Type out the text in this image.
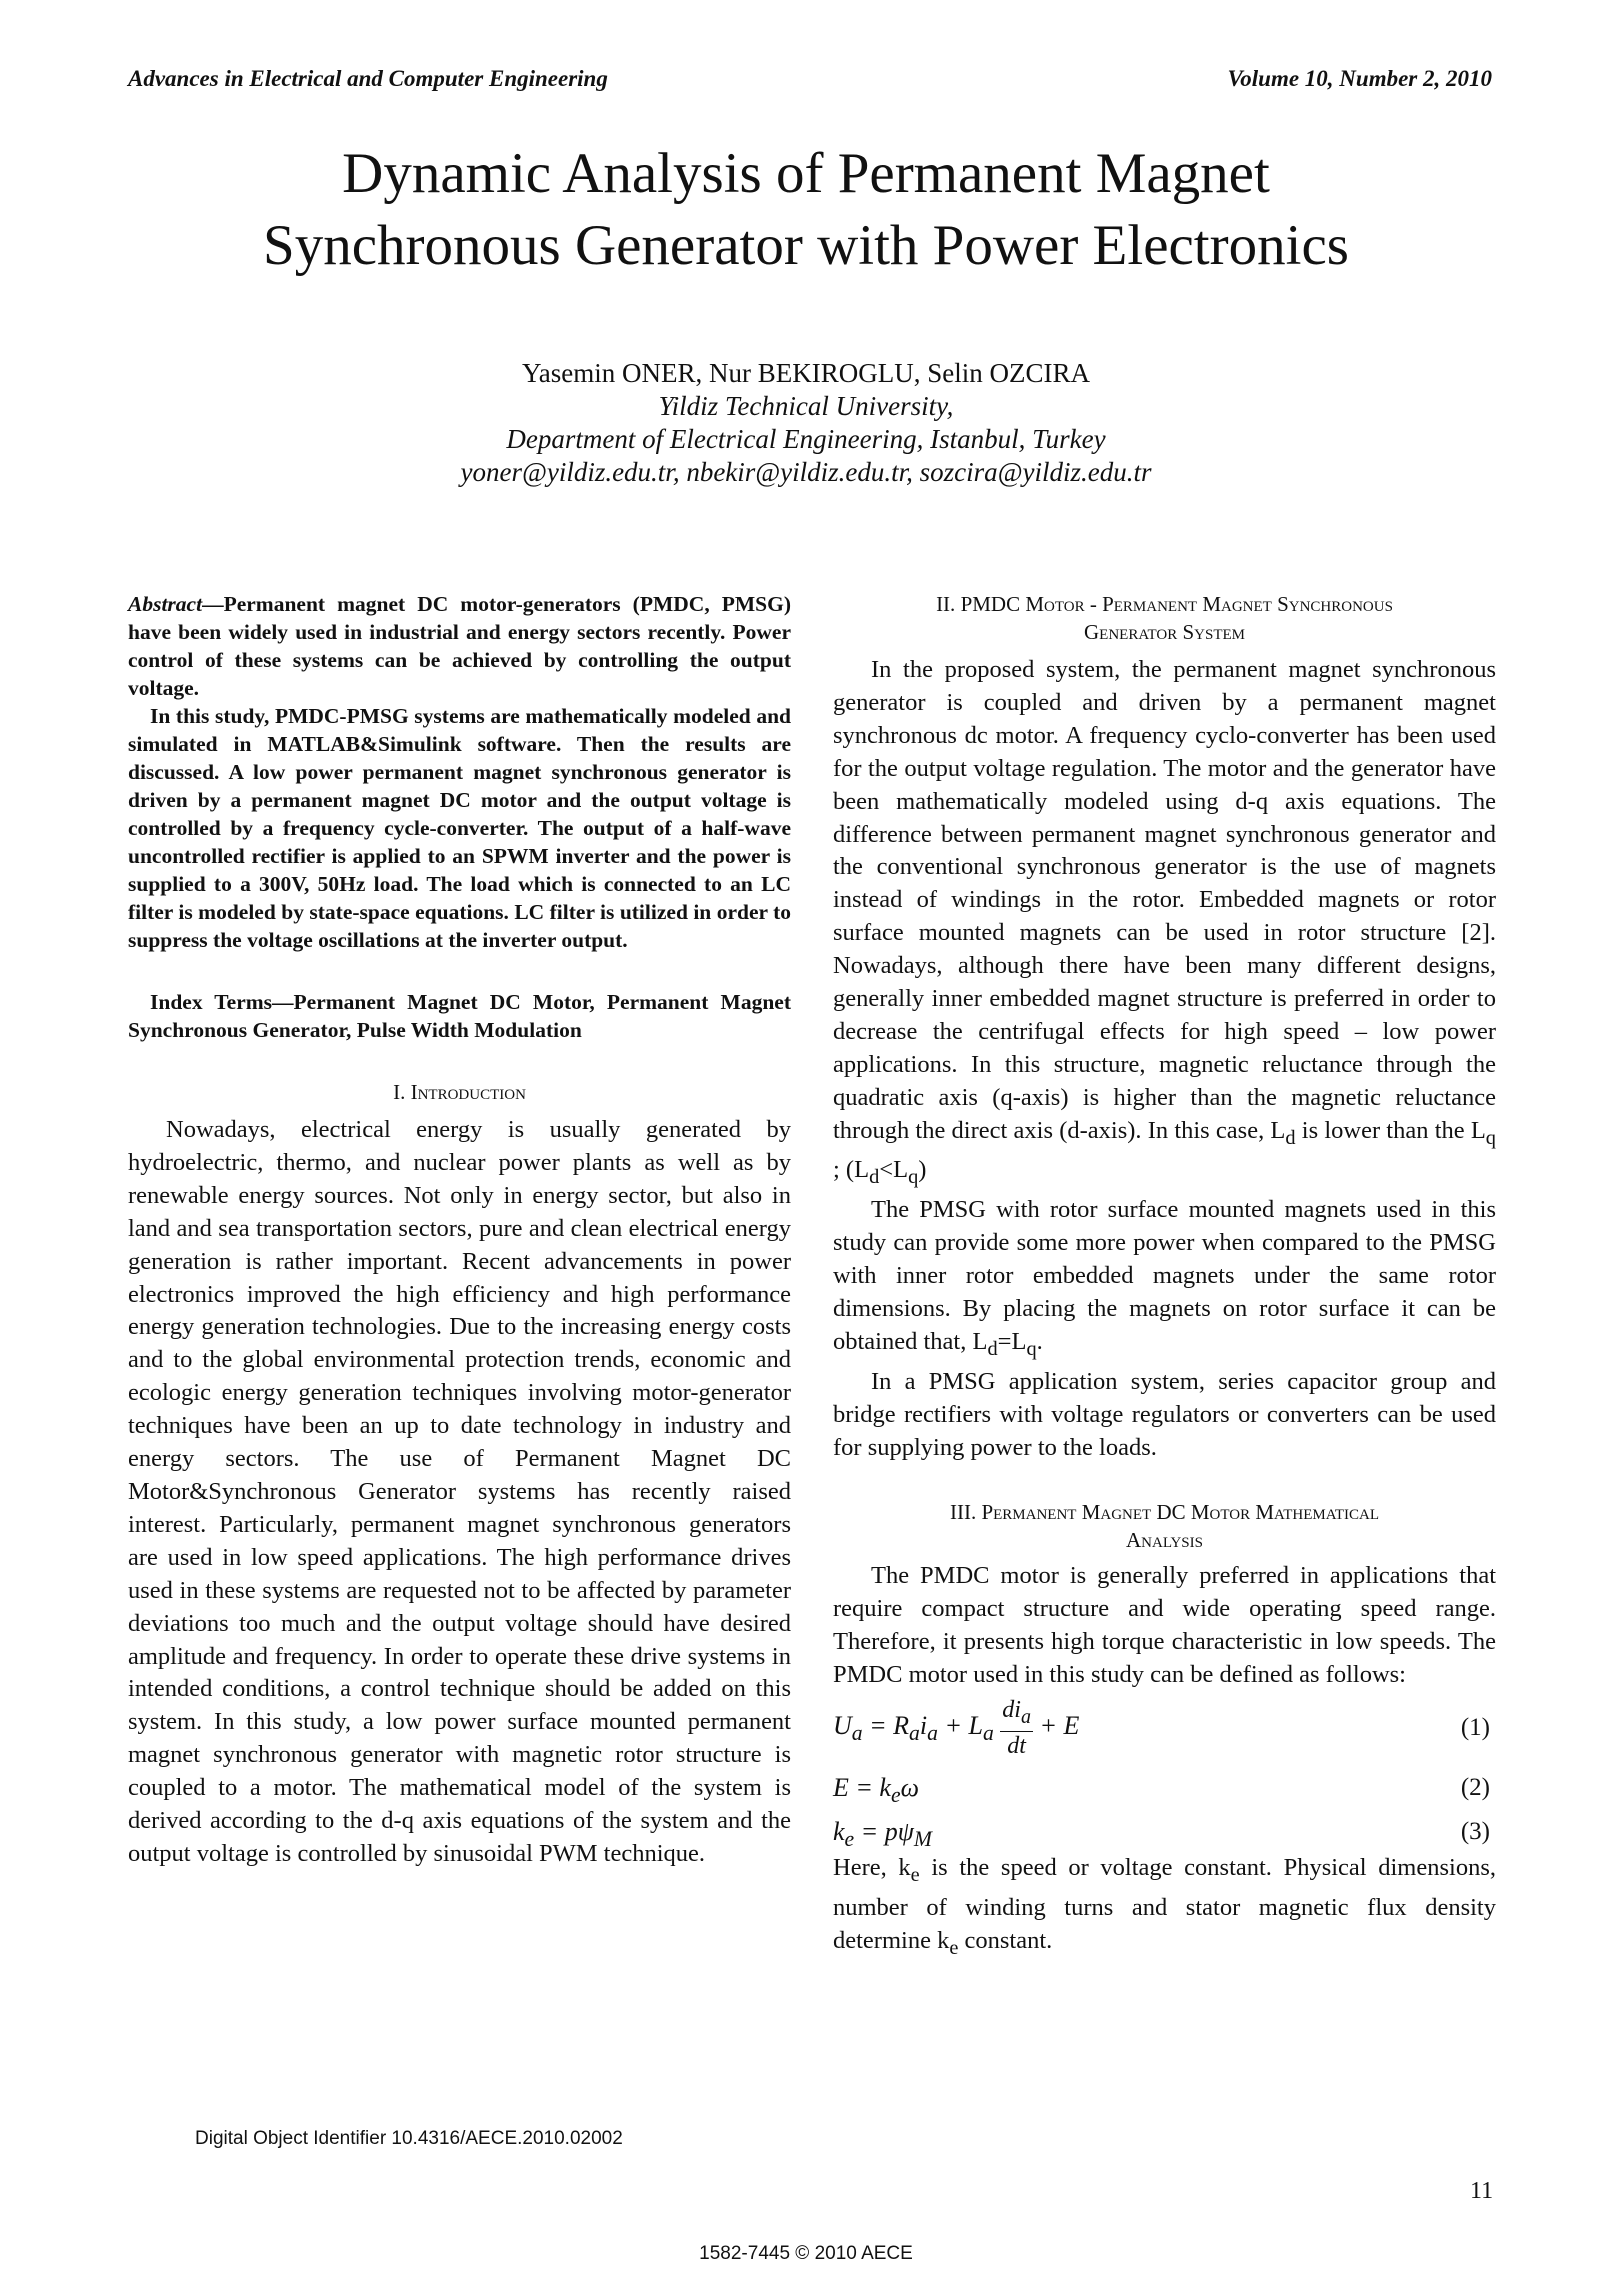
Advances in Electrical and Computer Engineering	Volume 10, Number 2, 2010
Dynamic Analysis of Permanent Magnet
Synchronous Generator with Power Electronics
Yasemin ONER, Nur BEKIROGLU, Selin OZCIRA
Yildiz Technical University,
Department of Electrical Engineering, Istanbul, Turkey
yoner@yildiz.edu.tr, nbekir@yildiz.edu.tr, sozcira@yildiz.edu.tr

Abstract—Permanent magnet DC motor-generators (PMDC, PMSG) have been widely used in industrial and energy sectors recently. Power control of these systems can be achieved by controlling the output voltage.

In this study, PMDC-PMSG systems are mathematically modeled and simulated in MATLAB&Simulink software. Then the results are discussed. A low power permanent magnet synchronous generator is driven by a permanent magnet DC motor and the output voltage is controlled by a frequency cycle-converter. The output of a half-wave uncontrolled rectifier is applied to an SPWM inverter and the power is supplied to a 300V, 50Hz load. The load which is connected to an LC filter is modeled by state-space equations. LC filter is utilized in order to suppress the voltage oscillations at the inverter output.

Index Terms—Permanent Magnet DC Motor, Permanent Magnet Synchronous Generator, Pulse Width Modulation

I. Introduction

Nowadays, electrical energy is usually generated by hydroelectric, thermo, and nuclear power plants as well as by renewable energy sources. Not only in energy sector, but also in land and sea transportation sectors, pure and clean electrical energy generation is rather important. Recent advancements in power electronics improved the high efficiency and high performance energy generation technologies. Due to the increasing energy costs and to the global environmental protection trends, economic and ecologic energy generation techniques involving motor-generator techniques have been an up to date technology in industry and energy sectors. The use of Permanent Magnet DC Motor&Synchronous Generator systems has recently raised interest. Particularly, permanent magnet synchronous generators are used in low speed applications. The high performance drives used in these systems are requested not to be affected by parameter deviations too much and the output voltage should have desired amplitude and frequency. In order to operate these drive systems in intended conditions, a control technique should be added on this system. In this study, a low power surface mounted permanent magnet synchronous generator with magnetic rotor structure is coupled to a motor. The mathematical model of the system is derived according to the d-q axis equations of the system and the output voltage is controlled by sinusoidal PWM technique.

II. PMDC Motor - Permanent Magnet Synchronous
Generator System

In the proposed system, the permanent magnet synchronous generator is coupled and driven by a permanent magnet synchronous dc motor. A frequency cyclo-converter has been used for the output voltage regulation. The motor and the generator have been mathematically modeled using d-q axis equations. The difference between permanent magnet synchronous generator and the conventional synchronous generator is the use of magnets instead of windings in the rotor. Embedded magnets or rotor surface mounted magnets can be used in rotor structure [2]. Nowadays, although there have been many different designs, generally inner embedded magnet structure is preferred in order to decrease the centrifugal effects for high speed – low power applications. In this structure, magnetic reluctance through the quadratic axis (q-axis) is higher than the magnetic reluctance through the direct axis (d-axis). In this case, $L_d$ is lower than the $L_q$ ; $(L_d<L_q)$

The PMSG with rotor surface mounted magnets used in this study can provide some more power when compared to the PMSG with inner rotor embedded magnets under the same rotor dimensions. By placing the magnets on rotor surface it can be obtained that, $L_d=L_q$.

In a PMSG application system, series capacitor group and bridge rectifiers with voltage regulators or converters can be used for supplying power to the loads.

III. Permanent Magnet DC Motor Mathematical
Analysis

The PMDC motor is generally preferred in applications that require compact structure and wide operating speed range. Therefore, it presents high torque characteristic in low speeds. The PMDC motor used in this study can be defined as follows:

$U_a = R_ai_a + L_a \frac{di_a}{dt} + E$	(1)
$E = k_e\omega$	(2)
$k_e = p\psi_M$	(3)

Here, $k_e$ is the speed or voltage constant. Physical dimensions, number of winding turns and stator magnetic flux density determine $k_e$ constant.

Digital Object Identifier 10.4316/AECE.2010.02002
11
1582-7445 © 2010 AECE
